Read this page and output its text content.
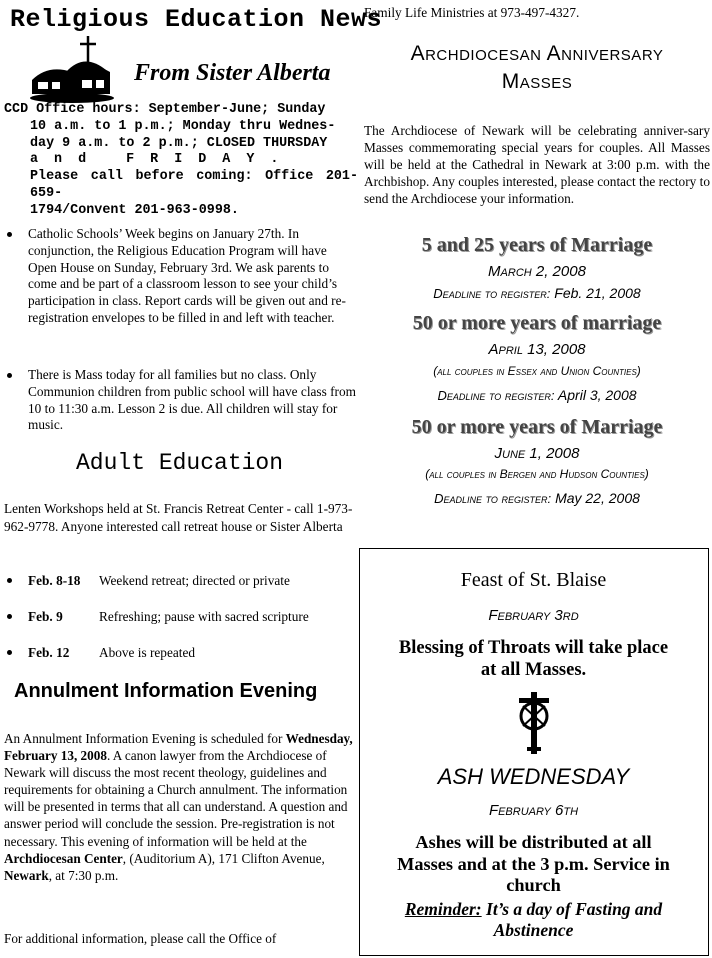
Religious Education News
From Sister Alberta
CCD Office hours: September-June; Sunday
10 a.m. to 1 p.m.; Monday thru Wednes-
day 9 a.m. to 2 p.m.; CLOSED THURSDAY
and FRIDAY.
Please call before coming: Office 201-659-
1794/Convent 201-963-0998.
Catholic Schools’ Week begins on January 27th. In conjunction, the Religious Education Program will have Open House on Sunday, February 3rd. We ask parents to come and be part of a classroom lesson to see your child’s participation in class. Report cards will be given out and re-registration envelopes to be filled in and left with teacher.
There is Mass today for all families but no class. Only Communion children from public school will have class from 10 to 11:30 a.m. Lesson 2 is due. All children will stay for music.
Adult Education
Lenten Workshops held at St. Francis Retreat Center - call 1-973-962-9778. Anyone interested call retreat house or Sister Alberta
Feb. 8-18 Weekend retreat; directed or private
Feb. 9	Refreshing; pause with sacred scripture
Feb. 12 Above is repeated
Annulment Information Evening
An Annulment Information Evening is scheduled for Wednesday, February 13, 2008. A canon lawyer from the Archdiocese of Newark will discuss the most recent theology, guidelines and requirements for obtaining a Church annulment. The information will be presented in terms that all can understand. A question and answer period will conclude the session. Pre-registration is not necessary. This evening of information will be held at the Archdiocesan Center, (Auditorium A), 171 Clifton Avenue, Newark, at 7:30 p.m.
For additional information, please call the Office of
Family Life Ministries at 973-497-4327.
Archdiocesan Anniversary
Masses
The Archdiocese of Newark will be celebrating anniver-sary Masses commemorating special years for couples. All Masses will be held at the Cathedral in Newark at 3:00 p.m. with the Archbishop. Any couples interested, please contact the rectory to send the Archdiocese your information.
5 and 25 years of Marriage
March 2, 2008
Deadline to register: Feb. 21, 2008
50 or more years of marriage
April 13, 2008
(all couples in Essex and Union Counties)
Deadline to register: April 3, 2008
50 or more years of Marriage
June 1, 2008
(all couples in Bergen and Hudson Counties)
Deadline to register: May 22, 2008
Feast of St. Blaise
February 3rd
Blessing of Throats will take place
at all Masses.
ASH WEDNESDAY
February 6th
Ashes will be distributed at all
Masses and at the 3 p.m. Service in
church
Reminder: It’s a day of Fasting and
Abstinence
